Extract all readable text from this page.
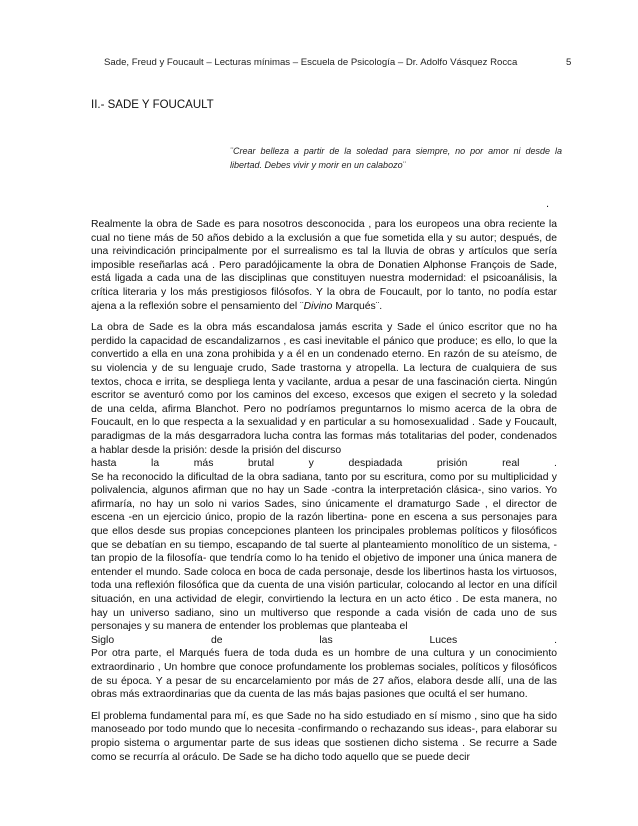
Sade, Freud y Foucault – Lecturas mínimas – Escuela de Psicología – Dr. Adolfo Vásquez Rocca	5
II.- SADE Y FOUCAULT
¨Crear belleza a partir de la soledad para siempre, no por amor ni desde la libertad. Debes vivir y morir en un calabozo¨
.

Realmente la obra de Sade es para nosotros desconocida , para los europeos una obra reciente la cual no tiene más de 50 años debido a la exclusión a que fue sometida ella y su autor; después, de una reivindicación principalmente por el surrealismo es tal la lluvia de obras y artículos que sería imposible reseñarlas acá . Pero paradójicamente la obra de Donatien Alphonse François de Sade, está ligada a cada una de las disciplinas que constituyen nuestra modernidad: el psicoanálisis, la crítica literaria y los más prestigiosos filósofos. Y la obra de Foucault, por lo tanto, no podía estar ajena a la reflexión sobre el pensamiento del ¨Divino Marqués¨.

La obra de Sade es la obra más escandalosa jamás escrita y Sade el único escritor que no ha perdido la capacidad de escandalizarnos , es casi inevitable el pánico que produce; es ello, lo que la convertido a ella en una zona prohibida y a él en un condenado eterno. En razón de su ateísmo, de su violencia y de su lenguaje crudo, Sade trastorna y atropella. La lectura de cualquiera de sus textos, choca e irrita, se despliega lenta y vacilante, ardua a pesar de una fascinación cierta. Ningún escritor se aventuró como por los caminos del exceso, excesos que exigen el secreto y la soledad de una celda, afirma Blanchot. Pero no podríamos preguntarnos lo mismo acerca de la obra de Foucault, en lo que respecta a la sexualidad y en particular a su homosexualidad . Sade y Foucault, paradigmas de la más desgarradora lucha contra las formas más totalitarias del poder, condenados a hablar desde la prisión: desde la prisión del discurso

hasta	la	más	brutal	y	despiadada	prisión	real	.

Se ha reconocido la dificultad de la obra sadiana, tanto por su escritura, como por su multiplicidad y polivalencia, algunos afirman que no hay un Sade -contra la interpretación clásica-, sino varios. Yo afirmaría, no hay un solo ni varios Sades, sino únicamente el dramaturgo Sade , el director de escena -en un ejercicio único, propio de la razón libertina- pone en escena a sus personajes para que ellos desde sus propias concepciones planteen los principales problemas políticos y filosóficos que se debatían en su tiempo, escapando de tal suerte al planteamiento monolítico de un sistema, -tan propio de la filosofía- que tendría como lo ha tenido el objetivo de imponer una única manera de entender el mundo. Sade coloca en boca de cada personaje, desde los libertinos hasta los virtuosos, toda una reflexión filosófica que da cuenta de una visión particular, colocando al lector en una difícil situación, en una actividad de elegir, convirtiendo la lectura en un acto ético . De esta manera, no hay un universo sadiano, sino un multiverso que responde a cada visión de cada uno de sus personajes y su manera de entender los problemas que planteaba el

Siglo	de	las	Luces	.

Por otra parte, el Marqués fuera de toda duda es un hombre de una cultura y un conocimiento extraordinario , Un hombre que conoce profundamente los problemas sociales, políticos y filosóficos de su época. Y a pesar de su encarcelamiento por más de 27 años, elabora desde allí, una de las obras más extraordinarias que da cuenta de las más bajas pasiones que ocultá el ser humano.

El problema fundamental para mí, es que Sade no ha sido estudiado en sí mismo , sino que ha sido manoseado por todo mundo que lo necesita -confirmando o rechazando sus ideas-, para elaborar su propio sistema o argumentar parte de sus ideas que sostienen dicho sistema . Se recurre a Sade como se recurría al oráculo. De Sade se ha dicho todo aquello que se puede decir
